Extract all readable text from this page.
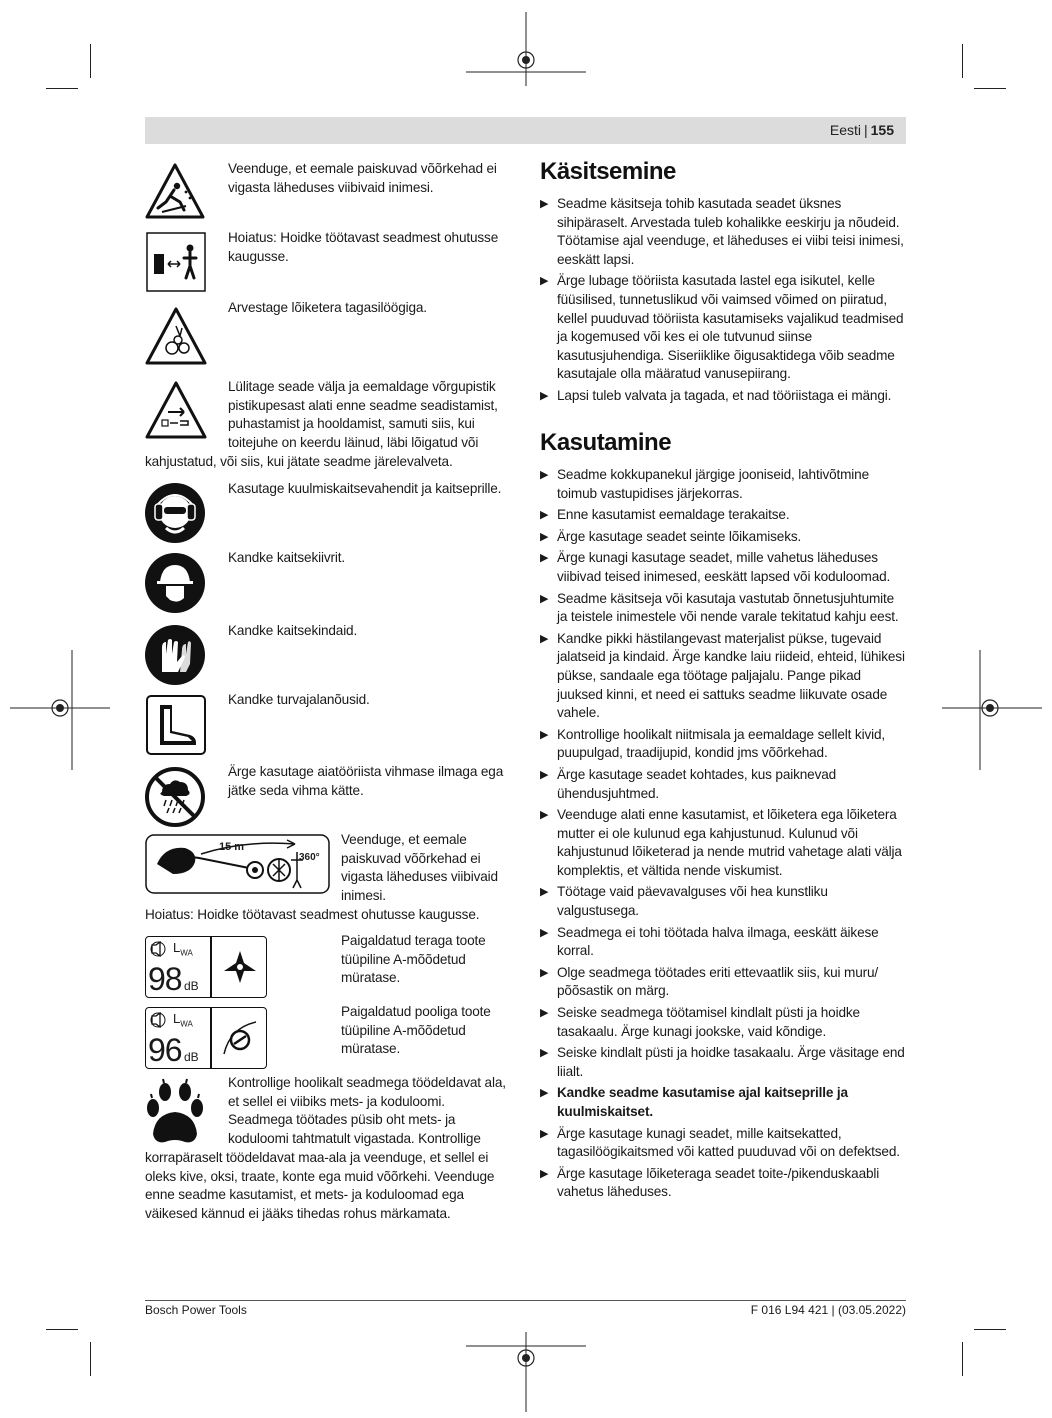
Eesti | 155
Veenduge, et eemale paiskuvad võõrkehad ei vigasta läheduses viibivaid inimesi.
Hoiatus: Hoidke töötavast seadmest ohutusse kaugusse.
Arvestage lõiketera tagasilöögiga.
Lülitage seade välja ja eemaldage võrgupistik pistikupesast alati enne seadme seadistamist, puhastamist ja hooldamist, samuti siis, kui toitejuhe on keerdu läinud, läbi lõigatud või
kahjustatud, või siis, kui jätate seadme järelevalveta.
Kasutage kuulmiskaitsevahendit ja kaitseprille.
Kandke kaitsekiivrit.
Kandke kaitsekindaid.
Kandke turvajalanõusid.
Ärge kasutage aiatööriista vihmase ilmaga ega jätke seda vihma kätte.
15 m
360°
Veenduge, et eemale paiskuvad võõrkehad ei vigasta läheduses viibivaid inimesi.
Hoiatus: Hoidke töötavast seadmest ohutusse kaugusse.
$L_{WA}$
98 dB
Paigaldatud teraga toote tüüpiline A-mõõdetud müratase.
$L_{WA}$
96 dB
Paigaldatud pooliga toote tüüpiline A-mõõdetud müratase.
Kontrollige hoolikalt seadmega töödeldavat ala, et sellel ei viibiks mets- ja koduloomi. Seadmega töötades püsib oht mets- ja koduloomi tahtmatult vigastada. Kontrollige
korrapäraselt töödeldavat maa-ala ja veenduge, et sellel ei oleks kive, oksi, traate, konte ega muid võõrkehi. Veenduge enne seadme kasutamist, et mets- ja koduloomad ega väikesed kännud ei jääks tihedas rohus märkamata.
Käsitsemine
▶ Seadme käsitseja tohib kasutada seadet üksnes sihipäraselt. Arvestada tuleb kohalikke eeskirju ja nõudeid. Töötamise ajal veenduge, et läheduses ei viibi teisi inimesi, eeskätt lapsi.
▶ Ärge lubage tööriista kasutada lastel ega isikutel, kelle füüsilised, tunnetuslikud või vaimsed võimed on piiratud, kellel puuduvad tööriista kasutamiseks vajalikud teadmised ja kogemused või kes ei ole tutvunud siinse kasutusjuhendiga. Siseriiklike õigusaktidega võib seadme kasutajale olla määratud vanusepiirang.
▶ Lapsi tuleb valvata ja tagada, et nad tööriistaga ei mängi.
Kasutamine
▶ Seadme kokkupanekul järgige jooniseid, lahtivõtmine toimub vastupidises järjekorras.
▶ Enne kasutamist eemaldage terakaitse.
▶ Ärge kasutage seadet seinte lõikamiseks.
▶ Ärge kunagi kasutage seadet, mille vahetus läheduses viibivad teised inimesed, eeskätt lapsed või koduloomad.
▶ Seadme käsitseja või kasutaja vastutab õnnetusjuhtumite ja teistele inimestele või nende varale tekitatud kahju eest.
▶ Kandke pikki hästilangevast materjalist pükse, tugevaid jalatseid ja kindaid. Ärge kandke laiu riideid, ehteid, lühikesi pükse, sandaale ega töötage paljajalu. Pange pikad juuksed kinni, et need ei sattuks seadme liikuvate osade vahele.
▶ Kontrollige hoolikalt niitmisala ja eemaldage sellelt kivid, puupulgad, traadijupid, kondid jms võõrkehad.
▶ Ärge kasutage seadet kohtades, kus paiknevad ühendusjuhtmed.
▶ Veenduge alati enne kasutamist, et lõiketera ega lõiketera mutter ei ole kulunud ega kahjustunud. Kulunud või kahjustunud lõiketerad ja nende mutrid vahetage alati välja komplektis, et vältida nende viskumist.
▶ Töötage vaid päevavalguses või hea kunstliku valgustusega.
▶ Seadmega ei tohi töötada halva ilmaga, eeskätt äikese korral.
▶ Olge seadmega töötades eriti ettevaatlik siis, kui muru/ põõsastik on märg.
▶ Seiske seadmega töötamisel kindlalt püsti ja hoidke tasakaalu. Ärge kunagi jookske, vaid kõndige.
▶ Seiske kindlalt püsti ja hoidke tasakaalu. Ärge väsitage end liialt.
▶ Kandke seadme kasutamise ajal kaitseprille ja kuulmiskaitset.
▶ Ärge kasutage kunagi seadet, mille kaitsekatted, tagasilöögikaitsmed või katted puuduvad või on defektsed.
▶ Ärge kasutage lõiketeraga seadet toite-/pikenduskaabli vahetus läheduses.
Bosch Power Tools	F 016 L94 421 | (03.05.2022)
